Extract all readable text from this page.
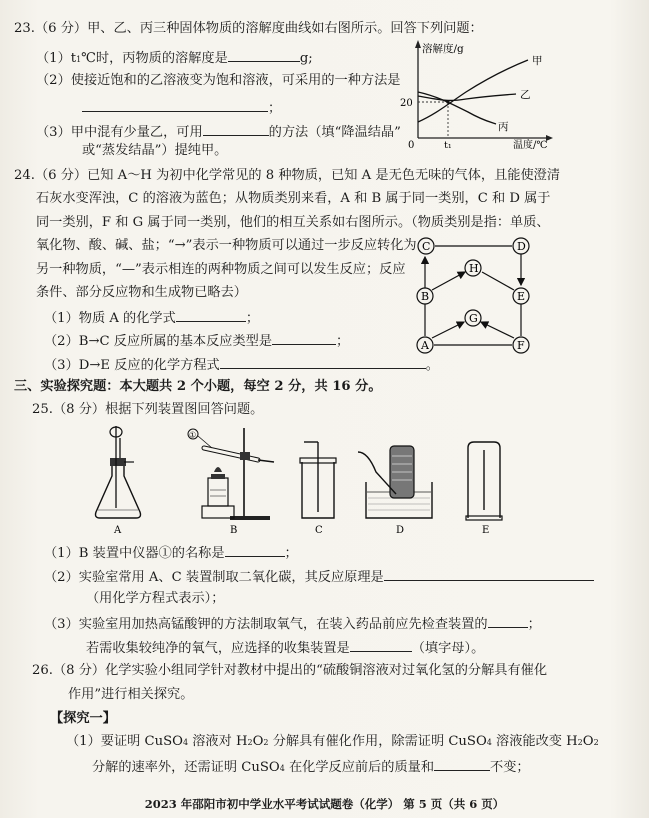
23.（6 分）甲、乙、丙三种固体物质的溶解度曲线如右图所示。回答下列问题：
（1）t1℃时，丙物质的溶解度是	g;
（2）使接近饱和的乙溶液变为饱和溶液，可采用的一种方法是
；
（3）甲中混有少量乙，可用	的方法（填“降温结晶”
或“蒸发结晶”）提纯甲。
溶解度/g
温度/℃
0
20
t₁
甲
乙
丙
24.（6 分）已知 A～H 为初中化学常见的 8 种物质，已知 A 是无色无味的气体，且能使澄清
石灰水变浑浊，C 的溶液为蓝色；从物质类别来看，A 和 B 属于同一类别，C 和 D 属于
同一类别，F 和 G 属于同一类别，他们的相互关系如右图所示。（物质类别是指：单质、
氧化物、酸、碱、盐；“→”表示一种物质可以通过一步反应转化为
另一种物质，“—”表示相连的两种物质之间可以发生反应；反应
条件、部分反应物和生成物已略去）
（1）物质 A 的化学式	；
（2）B→C 反应所属的基本反应类型是	；
（3）D→E 反应的化学方程式	。
C	D
H
B	E
G
A	F
三、实验探究题：本大题共 2 个小题，每空 2 分，共 16 分。
25.（8 分）根据下列装置图回答问题。
A
①
B	C	D	E
（1）B 装置中仪器①的名称是	；
（2）实验室常用 A、C 装置制取二氧化碳，其反应原理是
（用化学方程式表示）；
（3）实验室用加热高锰酸钾的方法制取氧气，在装入药品前应先检查装置的	；
若需收集较纯净的氧气，应选择的收集装置是	（填字母）。
26.（8 分）化学实验小组同学针对教材中提出的“硫酸铜溶液对过氧化氢的分解具有催化
作用”进行相关探究。
【探究一】
（1）要证明 CuSO4 溶液对 H2O2 分解具有催化作用，除需证明 CuSO4 溶液能改变 H2O2
分解的速率外，还需证明 CuSO4 在化学反应前后的质量和	不变；
2023 年邵阳市初中学业水平考试试题卷（化学） 第 5 页（共 6 页）
